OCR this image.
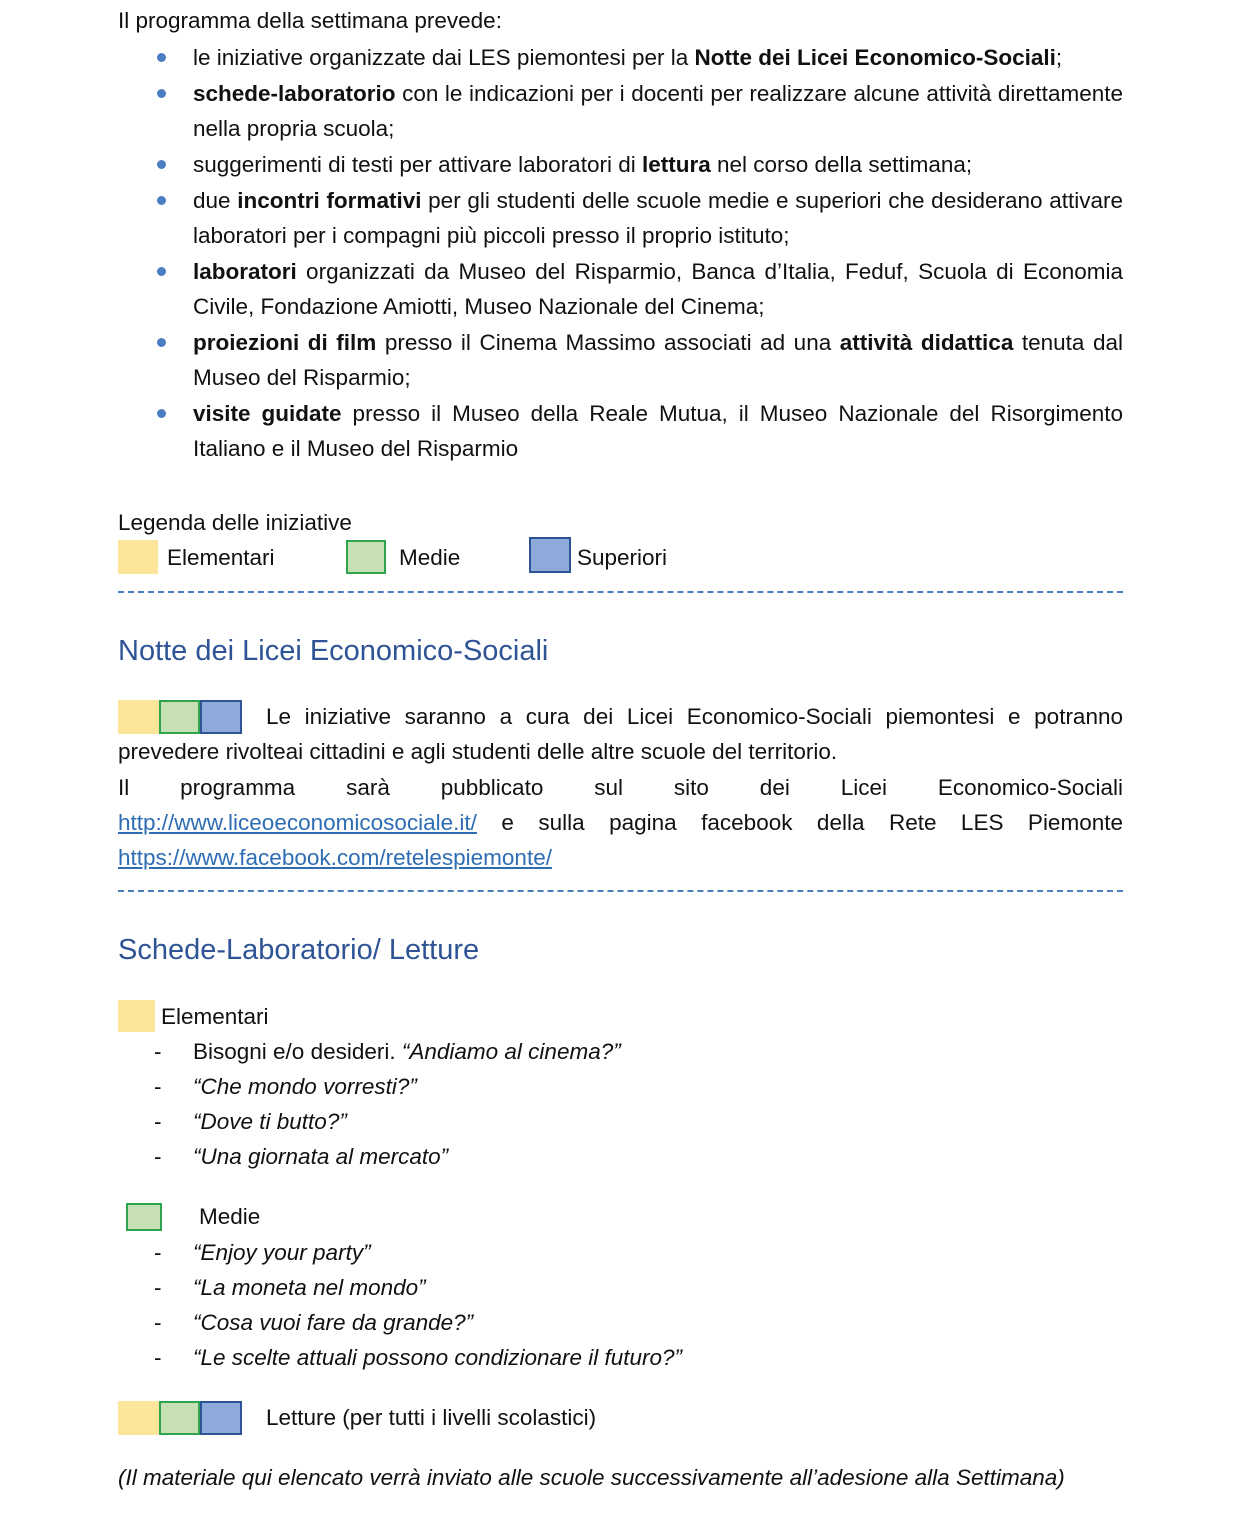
Il programma della settimana prevede:
le iniziative organizzate dai LES piemontesi per la Notte dei Licei Economico-Sociali;
schede-laboratorio con le indicazioni per i docenti per realizzare alcune attività direttamente nella propria scuola;
suggerimenti di testi per attivare laboratori di lettura nel corso della settimana;
due incontri formativi per gli studenti delle scuole medie e superiori che desiderano attivare laboratori per i compagni più piccoli presso il proprio istituto;
laboratori organizzati da Museo del Risparmio, Banca d’Italia, Feduf, Scuola di Economia Civile, Fondazione Amiotti, Museo Nazionale del Cinema;
proiezioni di film presso il Cinema Massimo associati ad una attività didattica tenuta dal Museo del Risparmio;
visite guidate presso il Museo della Reale Mutua, il Museo Nazionale del Risorgimento Italiano e il Museo del Risparmio
Legenda delle iniziative
Elementari	Medie	Superiori
Notte dei Licei Economico-Sociali
Le iniziative saranno a cura dei Licei Economico-Sociali piemontesi e potranno
prevedere rivolteai cittadini e agli studenti delle altre scuole del territorio.
Il programma sarà pubblicato sul sito dei Licei Economico-Sociali
http://www.liceoeconomicosociale.it/ e sulla pagina facebook della Rete LES Piemonte
https://www.facebook.com/retelespiemonte/
Schede-Laboratorio/ Letture
Elementari
- Bisogni e/o desideri. “Andiamo al cinema?”
- “Che mondo vorresti?”
- “Dove ti butto?”
- “Una giornata al mercato”
Medie
- “Enjoy your party”
- “La moneta nel mondo”
- “Cosa vuoi fare da grande?”
- “Le scelte attuali possono condizionare il futuro?”
Letture (per tutti i livelli scolastici)
(Il materiale qui elencato verrà inviato alle scuole successivamente all’adesione alla Settimana)
